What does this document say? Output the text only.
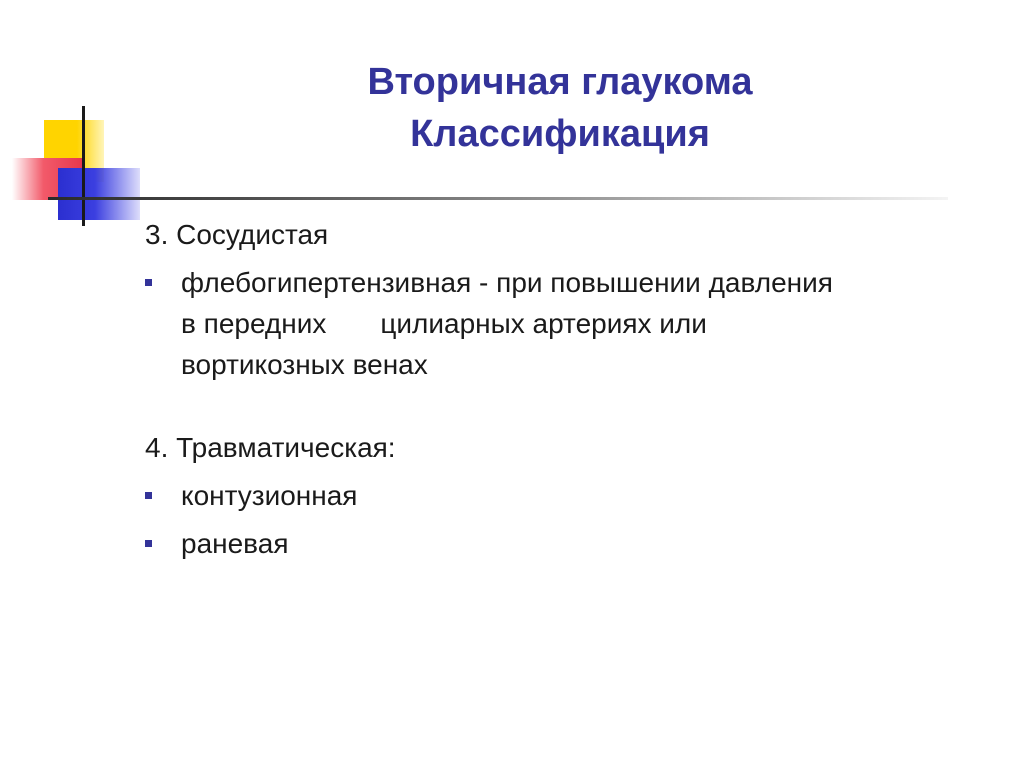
Вторичная глаукома
Классификация

3. Сосудистая

флебогипертензивная - при повышении давления
в передних цилиарных артериях или
вортикозных венах

4. Травматическая:

контузионная
раневая
